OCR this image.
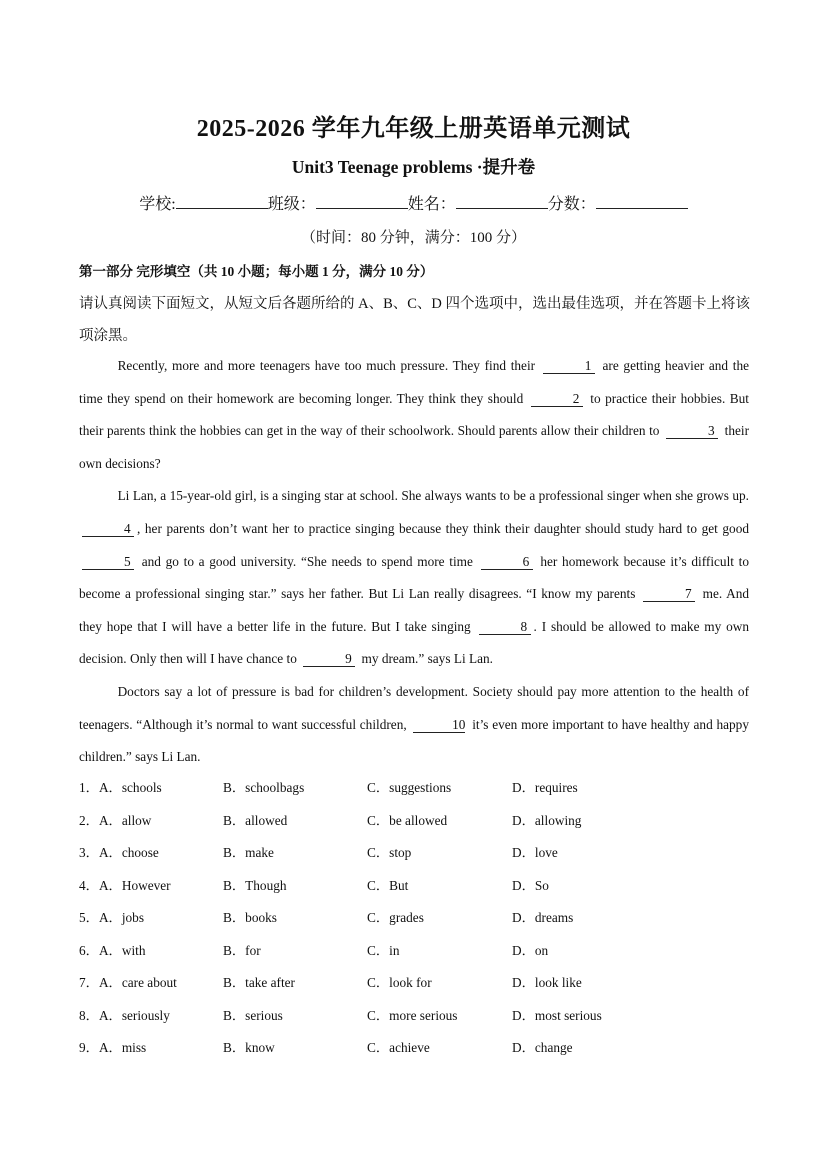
2025-2026 学年九年级上册英语单元测试
Unit3 Teenage problems ·提升卷
学校:	班级：	姓名：	分数：
（时间：80 分钟，满分：100 分）
第一部分 完形填空（共 10 小题；每小题 1 分，满分 10 分）
请认真阅读下面短文，从短文后各题所给的 A、B、C、D 四个选项中，选出最佳选项，并在答题卡上将该项涂黑。

Recently, more and more teenagers have too much pressure. They find their	1 are getting heavier and the time they spend on their homework are becoming longer. They think they should	2 to practice their hobbies. But their parents think the hobbies can get in the way of their schoolwork. Should parents allow their children to	3 their own decisions?

Li Lan, a 15-year-old girl, is a singing star at school. She always wants to be a professional singer when she grows up. 4 , her parents don’t want her to practice singing because they think their daughter should study hard to get good 5 and go to a good university. “She needs to spend more time	6 her homework because it’s difficult to become a professional singing star.” says her father. But Li Lan really disagrees. “I know my parents	7 me. And they hope that I will have a better life in the future. But I take singing	8 . I should be allowed to make my own decision. Only then will I have chance to	9 my dream.” says Li Lan.

Doctors say a lot of pressure is bad for children’s development. Society should pay more attention to the health of teenagers. “Although it’s normal to want successful children,	10 it’s even more important to have healthy and happy children.” says Li Lan.

1．A．schools	B．schoolbags	C．suggestions	D．requires
2．A．allow	B．allowed	C．be allowed	D．allowing
3．A．choose	B．make	C．stop	D．love
4．A．However	B．Though	C．But	D．So
5．A．jobs	B．books	C．grades	D．dreams
6．A．with	B．for	C．in	D．on
7．A．care about	B．take after	C．look for	D．look like
8．A．seriously	B．serious	C．more serious	D．most serious
9．A．miss	B．know	C．achieve	D．change
